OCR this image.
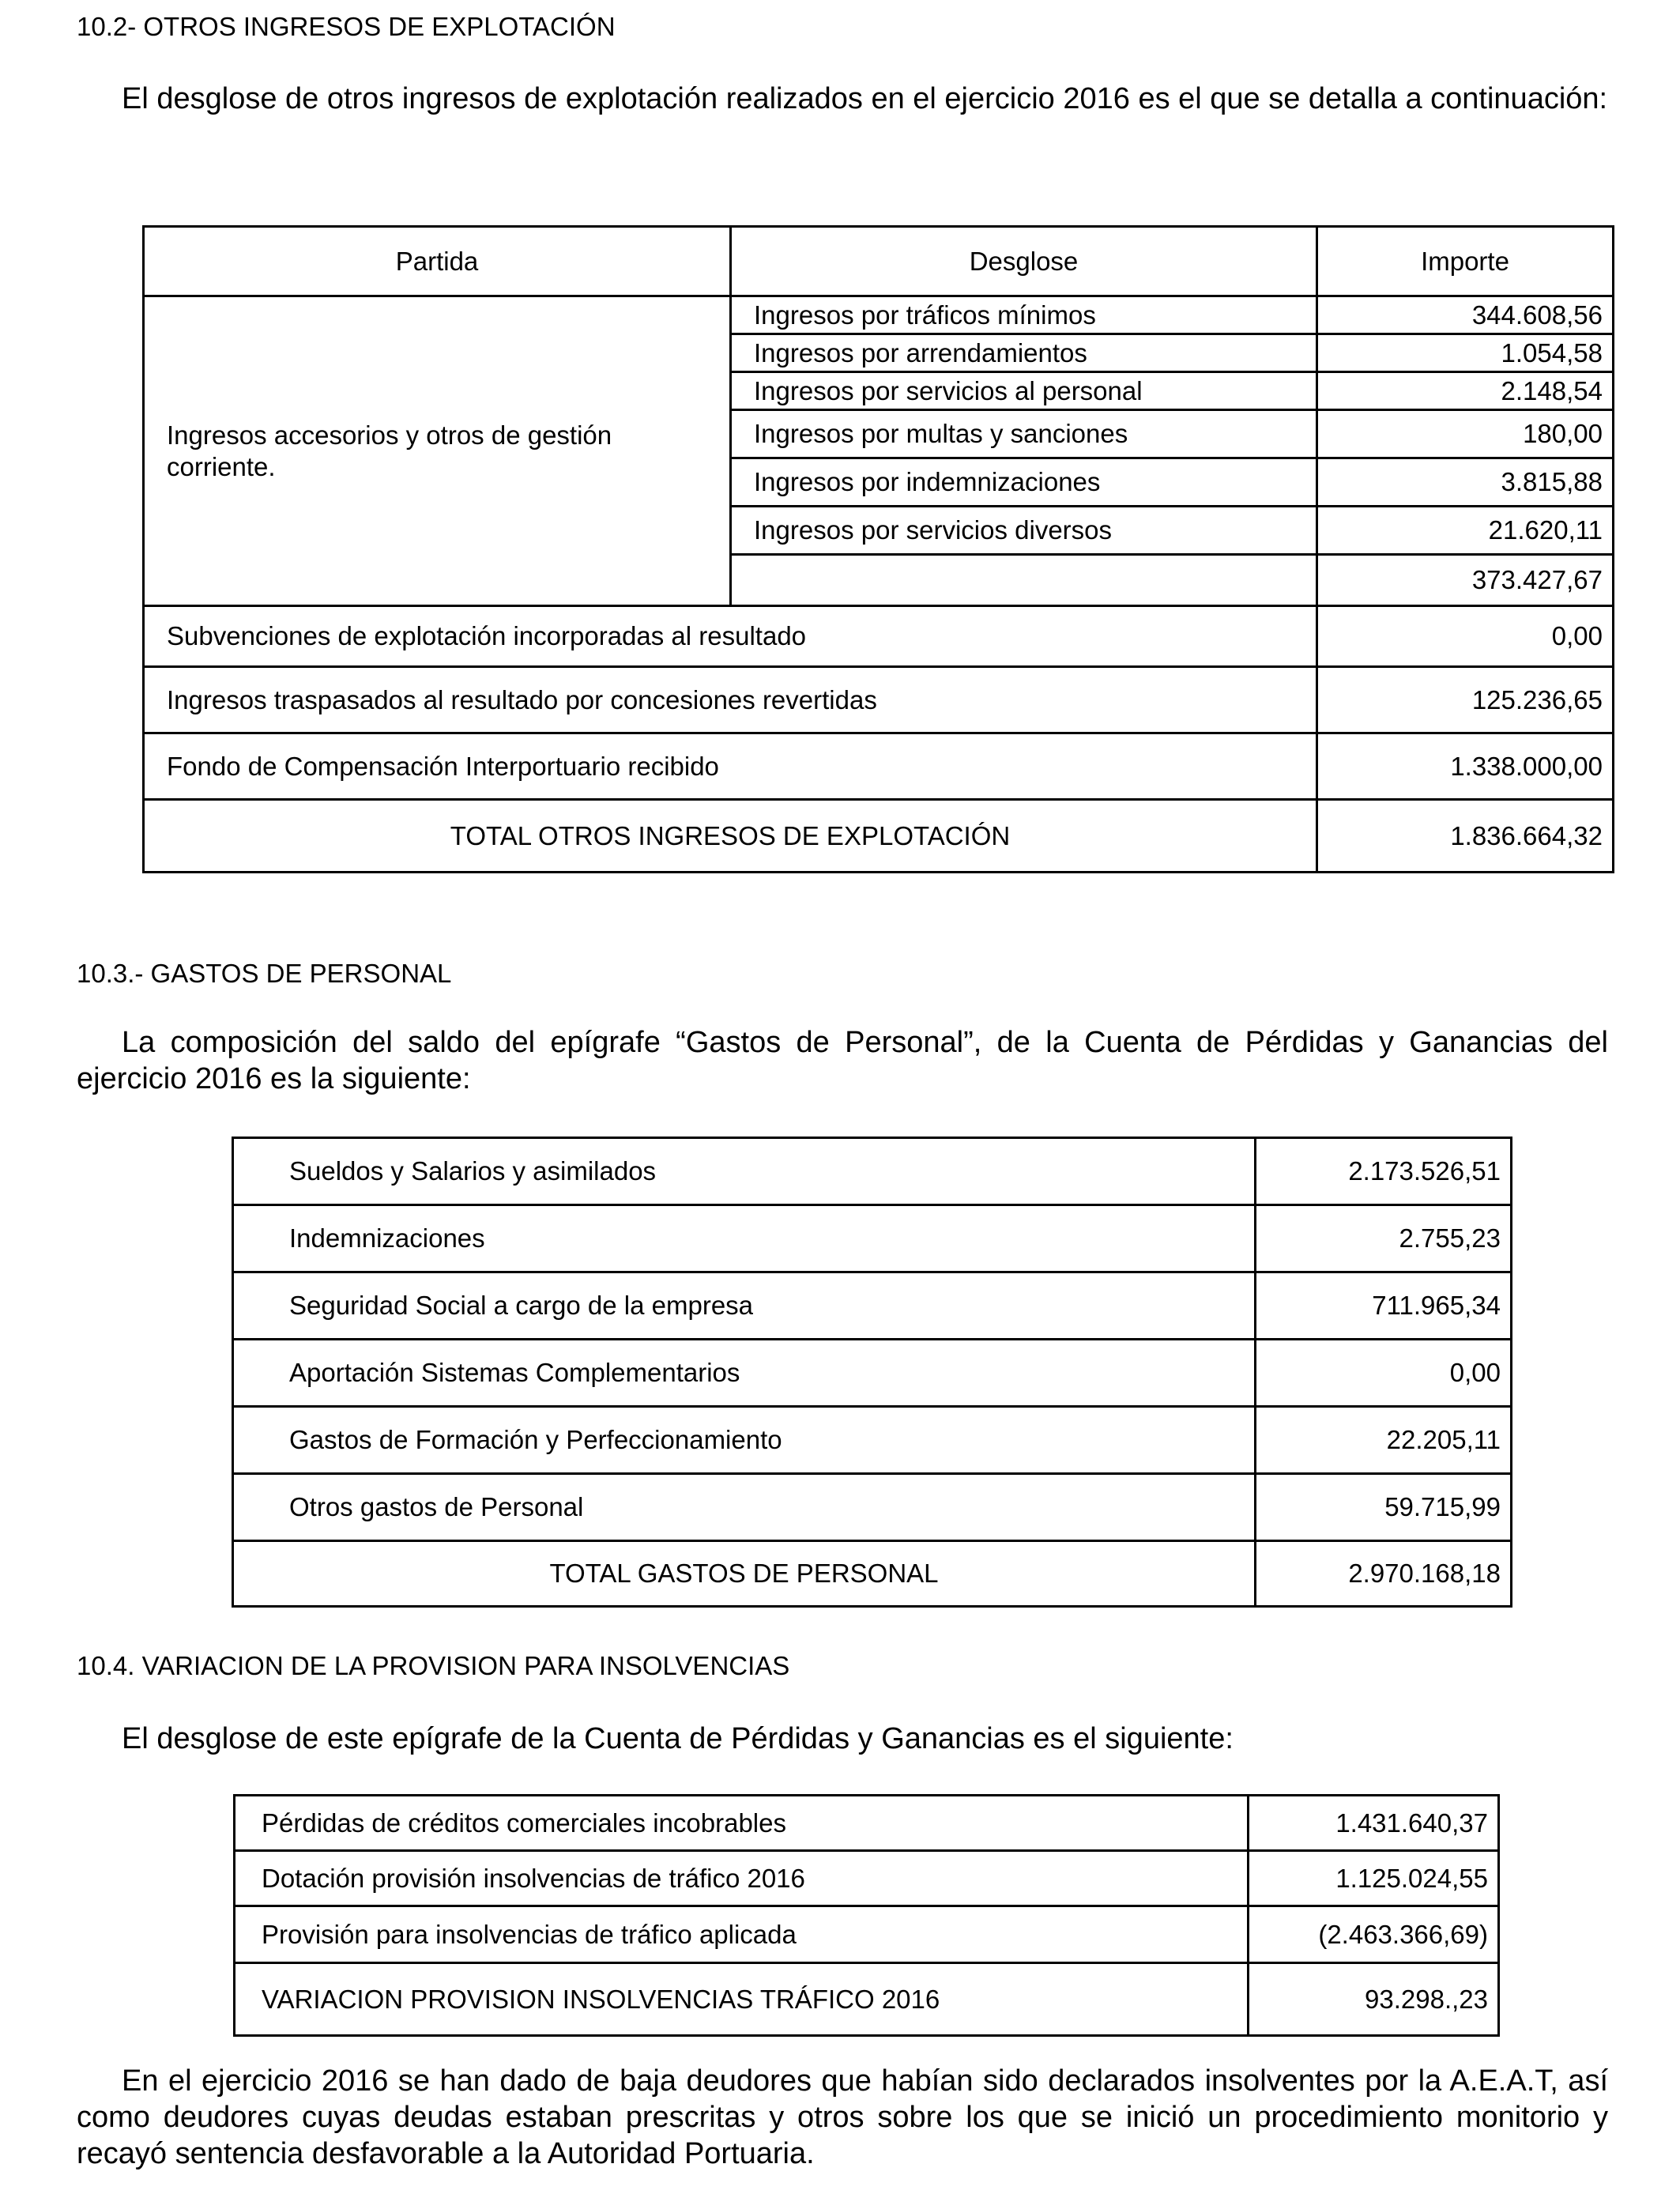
10.2- OTROS INGRESOS DE EXPLOTACIÓN
El desglose de otros ingresos de explotación realizados en el ejercicio 2016 es el que se detalla a continuación:
Partida	Desglose	Importe

Ingresos accesorios y otros de gestión corriente.	Ingresos por tráficos mínimos	344.608,56
	Ingresos por arrendamientos	1.054,58
	Ingresos por servicios al personal	2.148,54
	Ingresos por multas y sanciones	180,00
	Ingresos por indemnizaciones	3.815,88
	Ingresos por servicios diversos	21.620,11
		373.427,67
Subvenciones de explotación incorporadas al resultado		0,00
Ingresos traspasados al resultado por concesiones revertidas		125.236,65
Fondo de Compensación Interportuario recibido		1.338.000,00
TOTAL OTROS INGRESOS DE EXPLOTACIÓN		1.836.664,32
10.3.- GASTOS DE PERSONAL
La composición del saldo del epígrafe “Gastos de Personal”, de la Cuenta de Pérdidas y Ganancias del ejercicio 2016 es la siguiente:
Sueldos y Salarios y asimilados	2.173.526,51
Indemnizaciones	2.755,23
Seguridad Social a cargo de la empresa	711.965,34
Aportación Sistemas Complementarios	0,00
Gastos de Formación y Perfeccionamiento	22.205,11
Otros gastos de Personal	59.715,99
TOTAL GASTOS DE PERSONAL	2.970.168,18
10.4. VARIACION DE LA PROVISION PARA INSOLVENCIAS
El desglose de este epígrafe de la Cuenta de Pérdidas y Ganancias es el siguiente:
Pérdidas de créditos comerciales incobrables	1.431.640,37
Dotación provisión insolvencias de tráfico 2016	1.125.024,55
Provisión para insolvencias de tráfico aplicada	(2.463.366,69)
VARIACION PROVISION INSOLVENCIAS TRÁFICO 2016	93.298.,23
En el ejercicio 2016 se han dado de baja deudores que habían sido declarados insolventes por la A.E.A.T, así como deudores cuyas deudas estaban prescritas y otros sobre los que se inició un procedimiento monitorio y recayó sentencia desfavorable a la Autoridad Portuaria.
